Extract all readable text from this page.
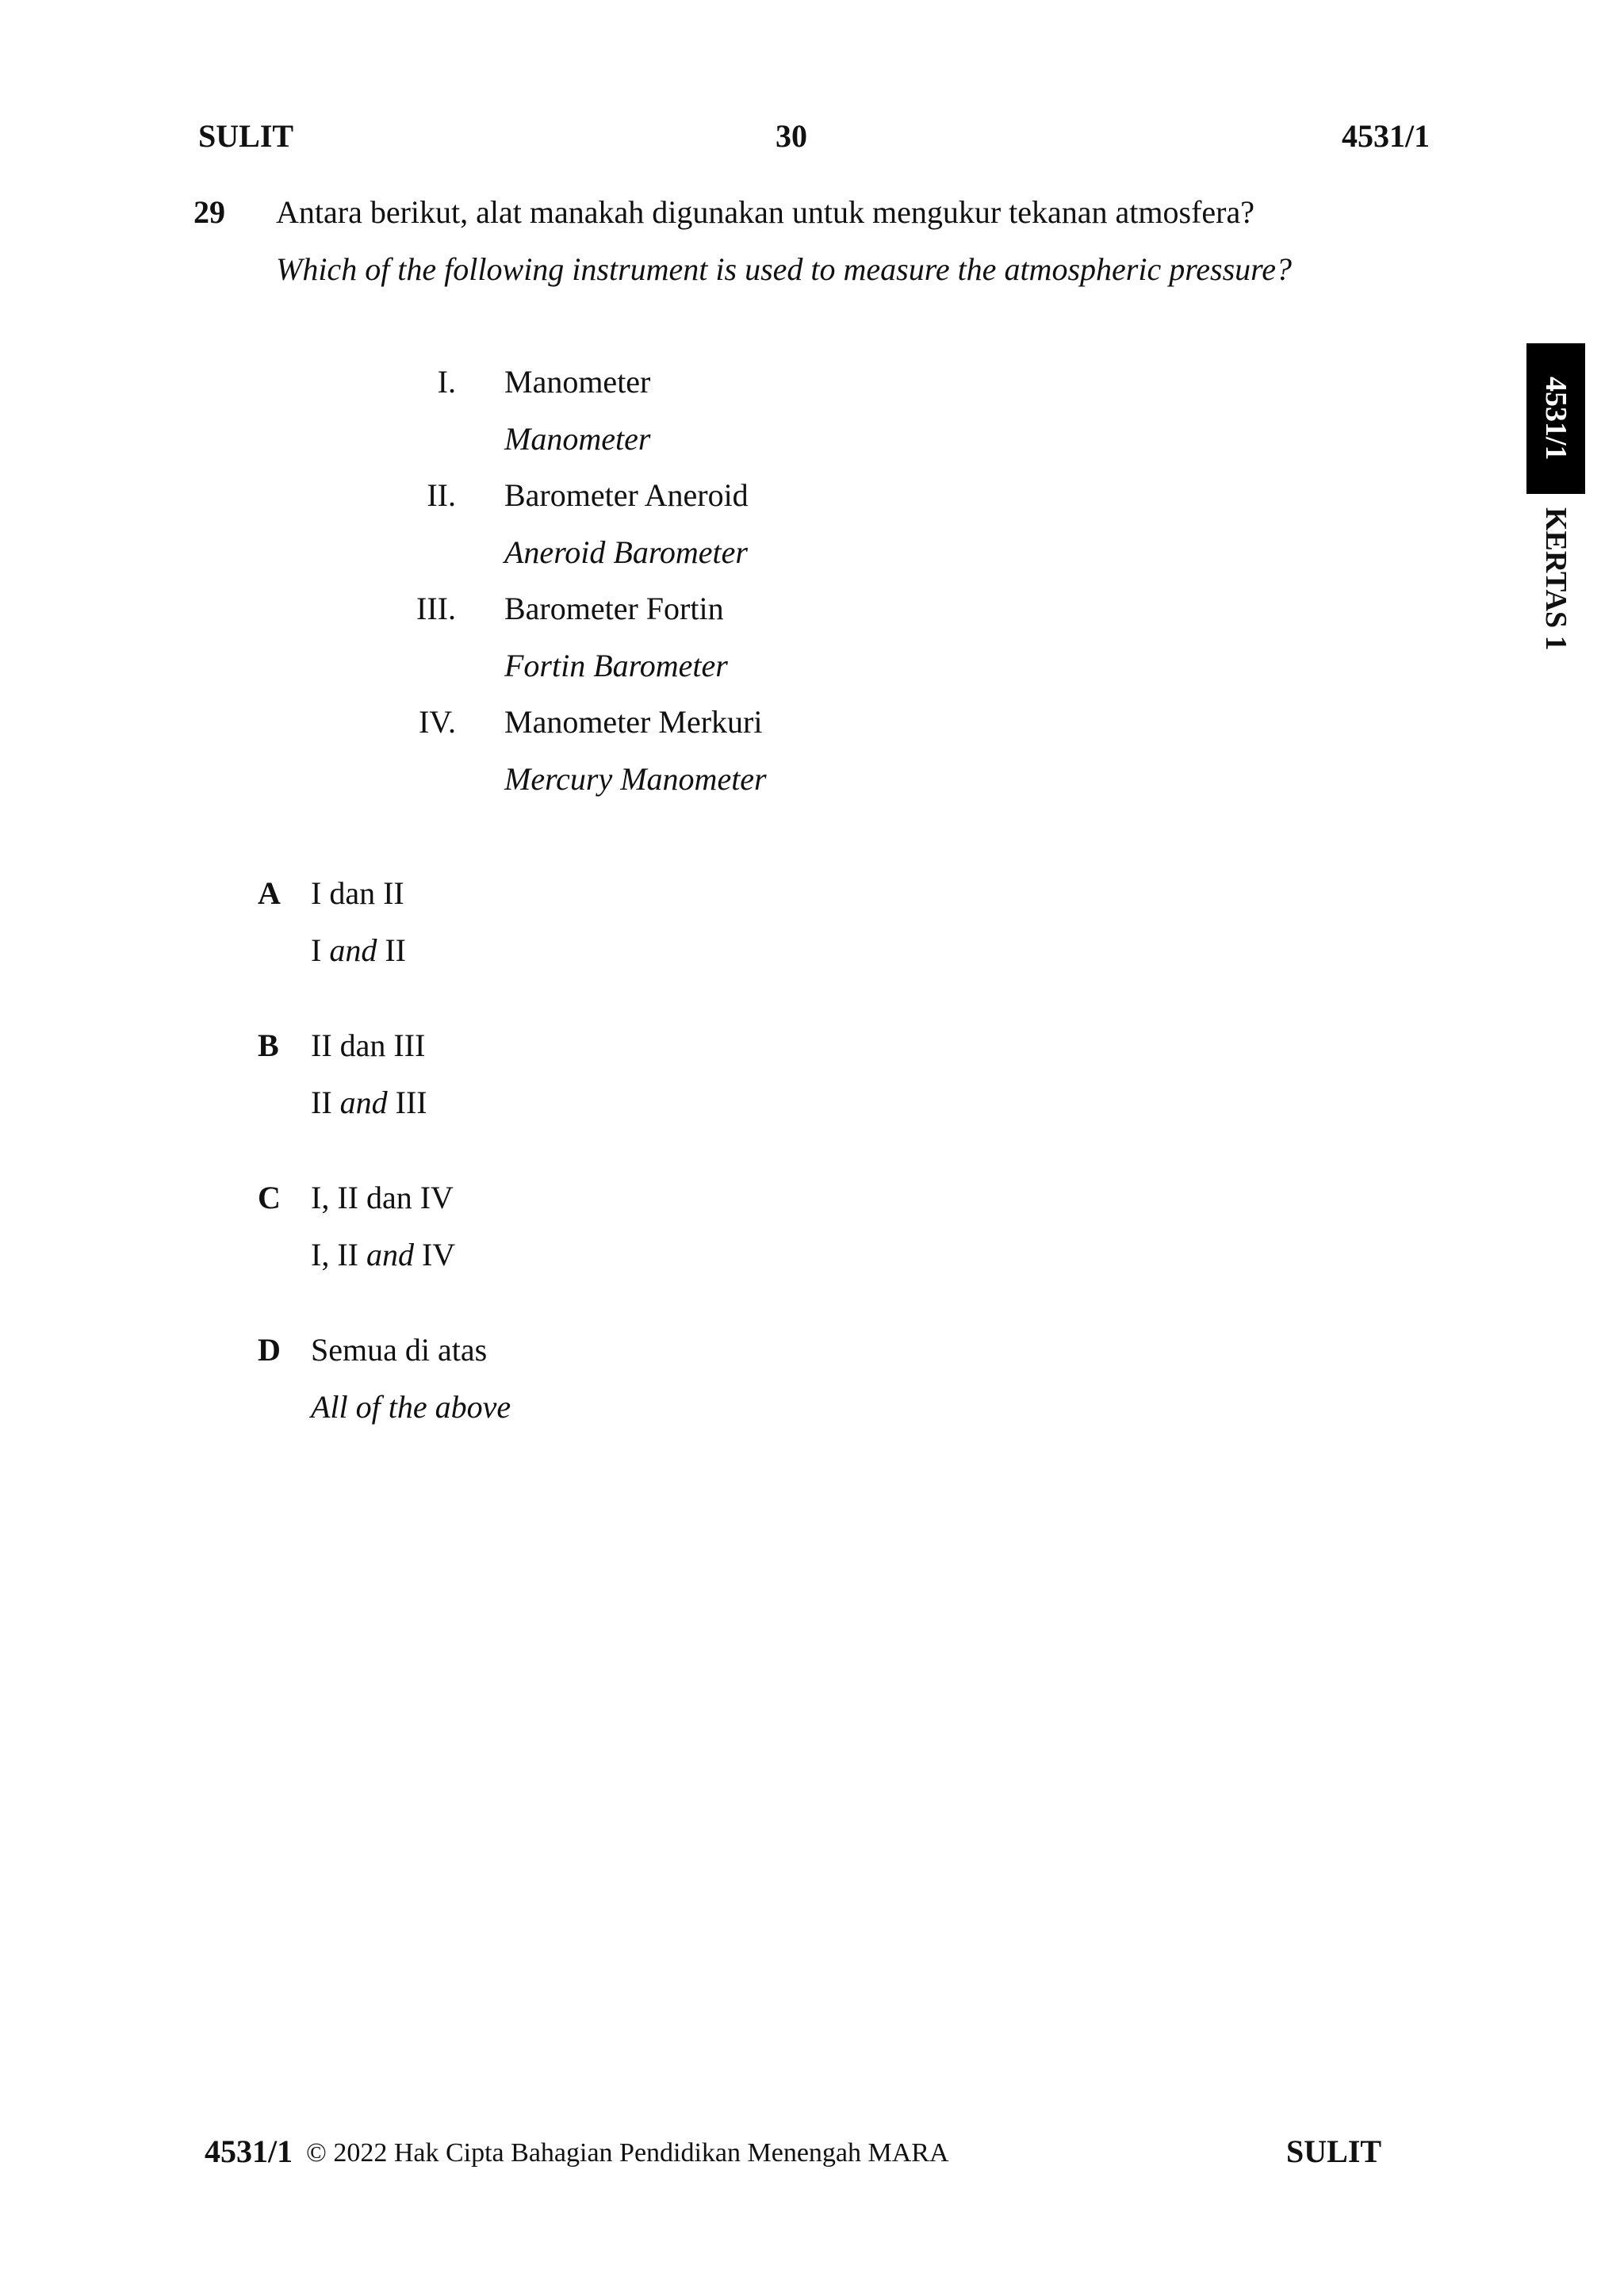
SULIT	30	4531/1
29 Antara berikut, alat manakah digunakan untuk mengukur tekanan atmosfera?
Which of the following instrument is used to measure the atmospheric pressure?
I. Manometer
Manometer
II. Barometer Aneroid
Aneroid Barometer
III. Barometer Fortin
Fortin Barometer
IV. Manometer Merkuri
Mercury Manometer
A I dan II
I and II
B II dan III
II and III
C I, II dan IV
I, II and IV
D Semua di atas
All of the above
4531/1
KERTAS 1
4531/1 © 2022 Hak Cipta Bahagian Pendidikan Menengah MARA	SULIT
